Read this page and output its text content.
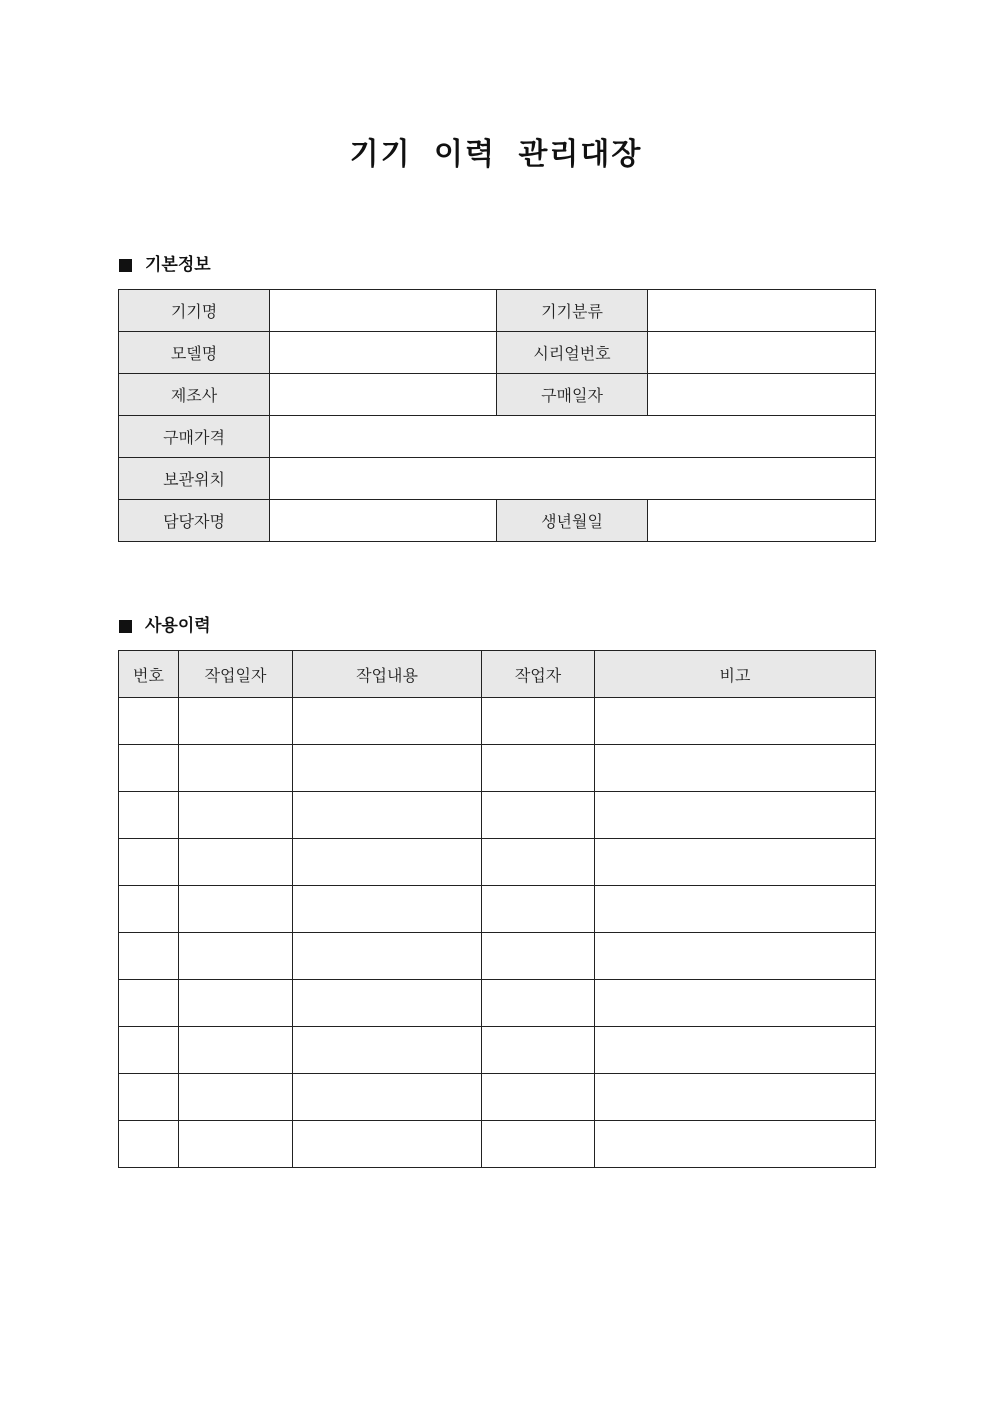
기기 이력 관리대장
기본정보
기기명		기기분류	
모델명		시리얼번호	
제조사		구매일자	
구매가격			
보관위치			
담당자명		생년월일	
사용이력
번호	작업일자	작업내용	작업자	비고
